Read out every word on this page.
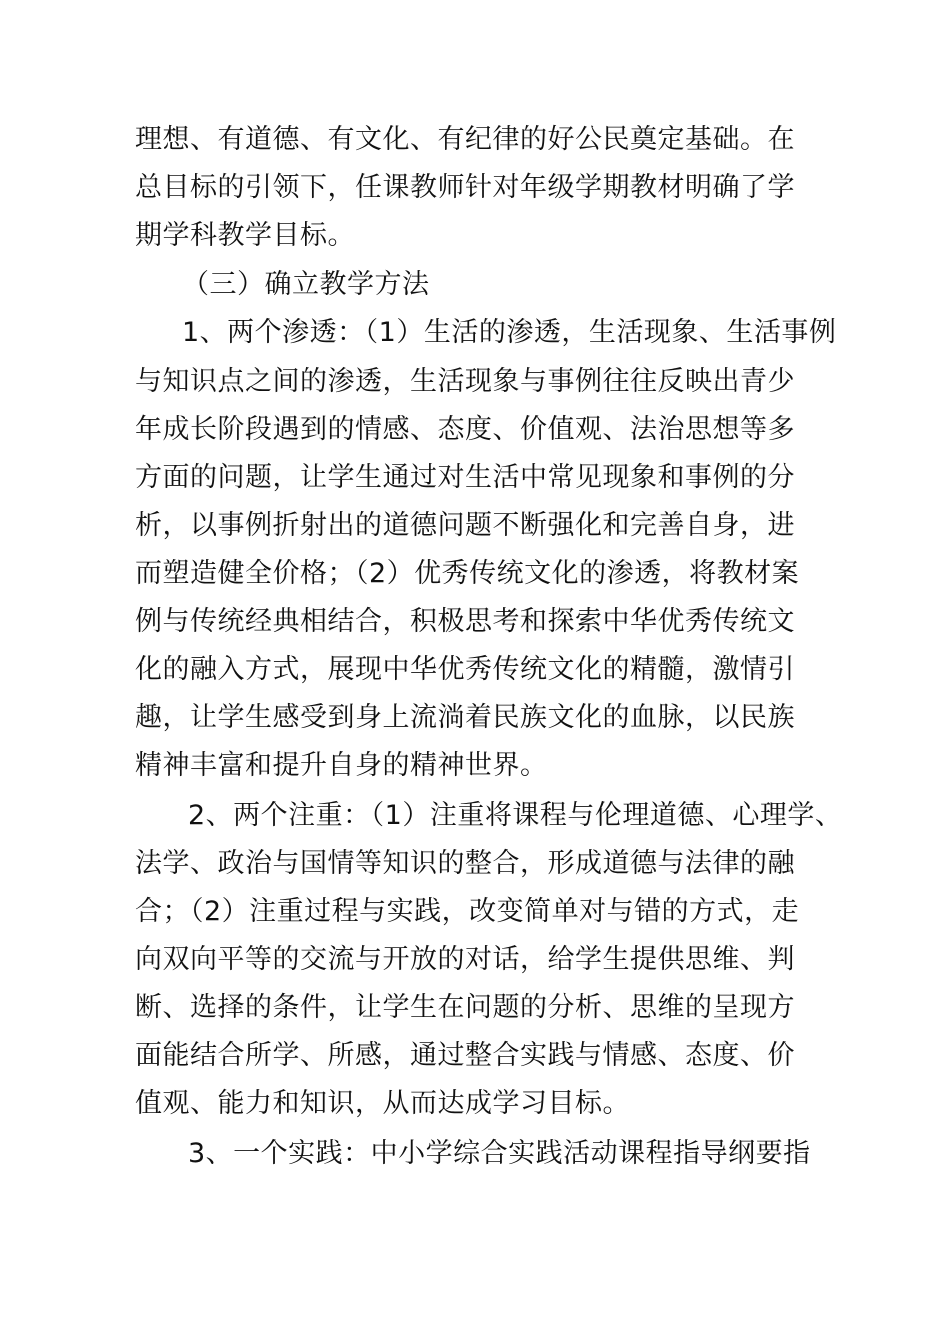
理想、有道德、有文化、有纪律的好公民奠定基础。在
总目标的引领下，任课教师针对年级学期教材明确了学
期学科教学目标。
（三）确立教学方法
1、两个渗透：（1）生活的渗透，生活现象、生活事例
与知识点之间的渗透，生活现象与事例往往反映出青少
年成长阶段遇到的情感、态度、价值观、法治思想等多
方面的问题，让学生通过对生活中常见现象和事例的分
析，以事例折射出的道德问题不断强化和完善自身，进
而塑造健全价格；（2）优秀传统文化的渗透，将教材案
例与传统经典相结合，积极思考和探索中华优秀传统文
化的融入方式，展现中华优秀传统文化的精髓，激情引
趣，让学生感受到身上流淌着民族文化的血脉，以民族
精神丰富和提升自身的精神世界。
2、两个注重：（1）注重将课程与伦理道德、心理学、
法学、政治与国情等知识的整合，形成道德与法律的融
合；（2）注重过程与实践，改变简单对与错的方式，走
向双向平等的交流与开放的对话，给学生提供思维、判
断、选择的条件，让学生在问题的分析、思维的呈现方
面能结合所学、所感，通过整合实践与情感、态度、价
值观、能力和知识，从而达成学习目标。
3、一个实践：中小学综合实践活动课程指导纲要指
